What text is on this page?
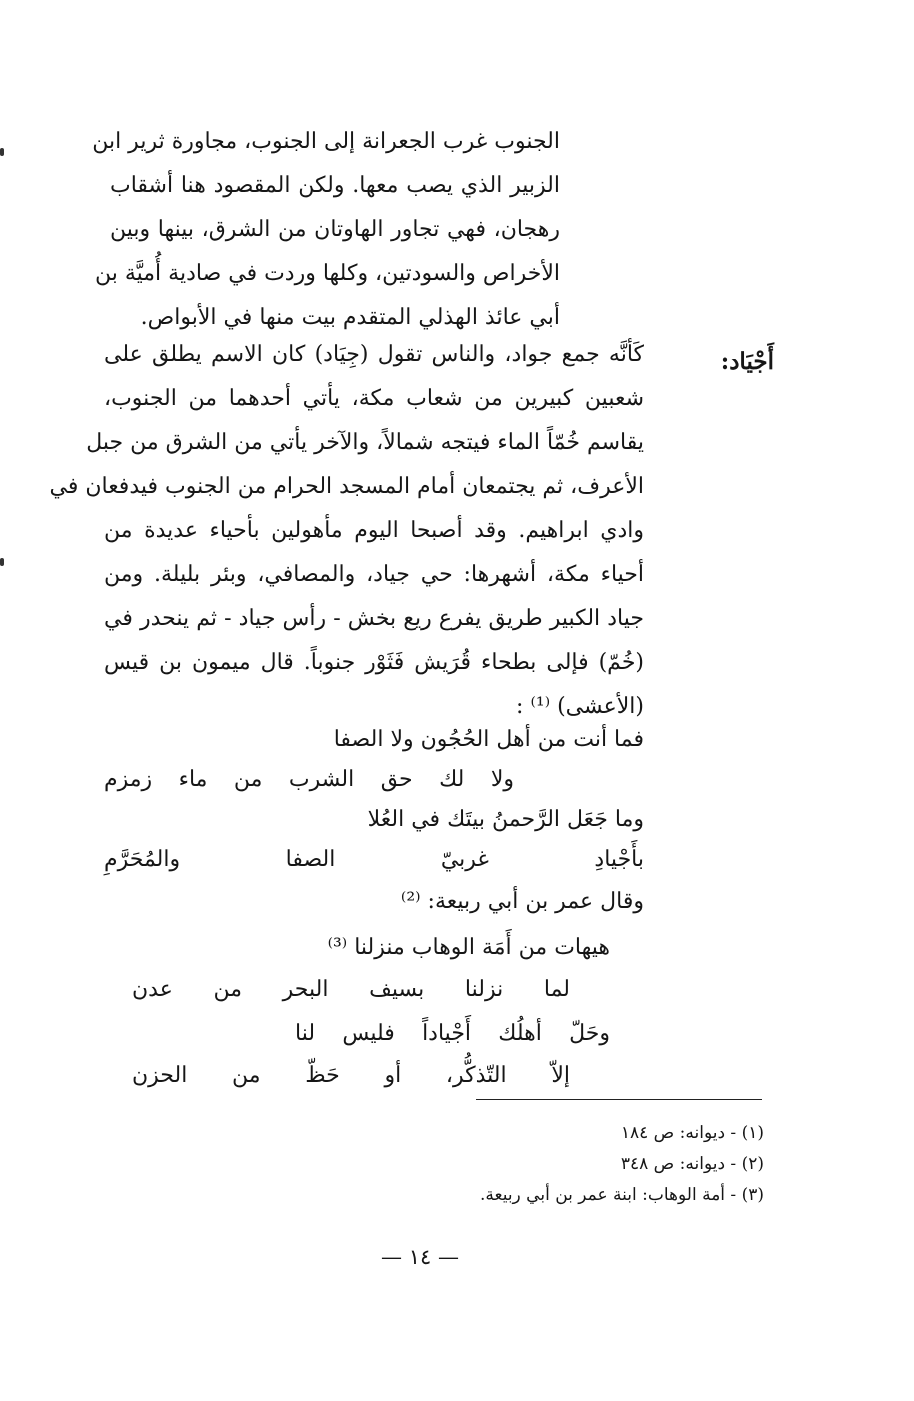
الجنوب غرب الجعرانة إلى الجنوب، مجاورة ثرير ابن
الزبير الذي يصب معها. ولكن المقصود هنا أشقاب
رهجان، فهي تجاور الهاوتان من الشرق، بينها وبين
الأخراص والسودتين، وكلها وردت في صادية أُميَّة بن
أبي عائذ الهذلي المتقدم بيت منها في الأبواص.
أَجْيَاد:
كَأنَّه جمع جواد، والناس تقول (جِيَاد) كان الاسم يطلق على
شعبين كبيرين من شعاب مكة، يأتي أحدهما من الجنوب،
يقاسم خُمّاً الماء فيتجه شمالاً، والآخر يأتي من الشرق من جبل
الأعرف، ثم يجتمعان أمام المسجد الحرام من الجنوب فيدفعان في
وادي ابراهيم. وقد أصبحا اليوم مأهولين بأحياء عديدة من
أحياء مكة، أشهرها: حي جياد، والمصافي، وبئر بليلة. ومن
جياد الكبير طريق يفرع ريع بخش - رأس جياد - ثم ينحدر في
(خُمّ) فإلى بطحاء قُرَيش فَثَوْر جنوباً. قال ميمون بن قيس
(الأعشى) ⁽¹⁾ :
فما أنت من أهل الحُجُون ولا الصفا
ولا لك حق الشرب من ماء زمزم
وما جَعَل الرَّحمنُ بيتَك في العُلا
بأَجْيادِ غربيّ الصفا والمُحَرَّمِ
وقال عمر بن أبي ربيعة: ⁽²⁾
هيهات من أَمَة الوهاب منزلنا ⁽³⁾
لما نزلنا بسيف البحر من عدن
وحَلّ أهلُك أَجْياداً فليس لنا
إلاّ التّذكُّر، أو حَظّ من الحزن
(١) - ديوانه: ص ١٨٤
(٢) - ديوانه: ص ٣٤٨
(٣) - أمة الوهاب: ابنة عمر بن أبي ربيعة.
— ١٤ —
